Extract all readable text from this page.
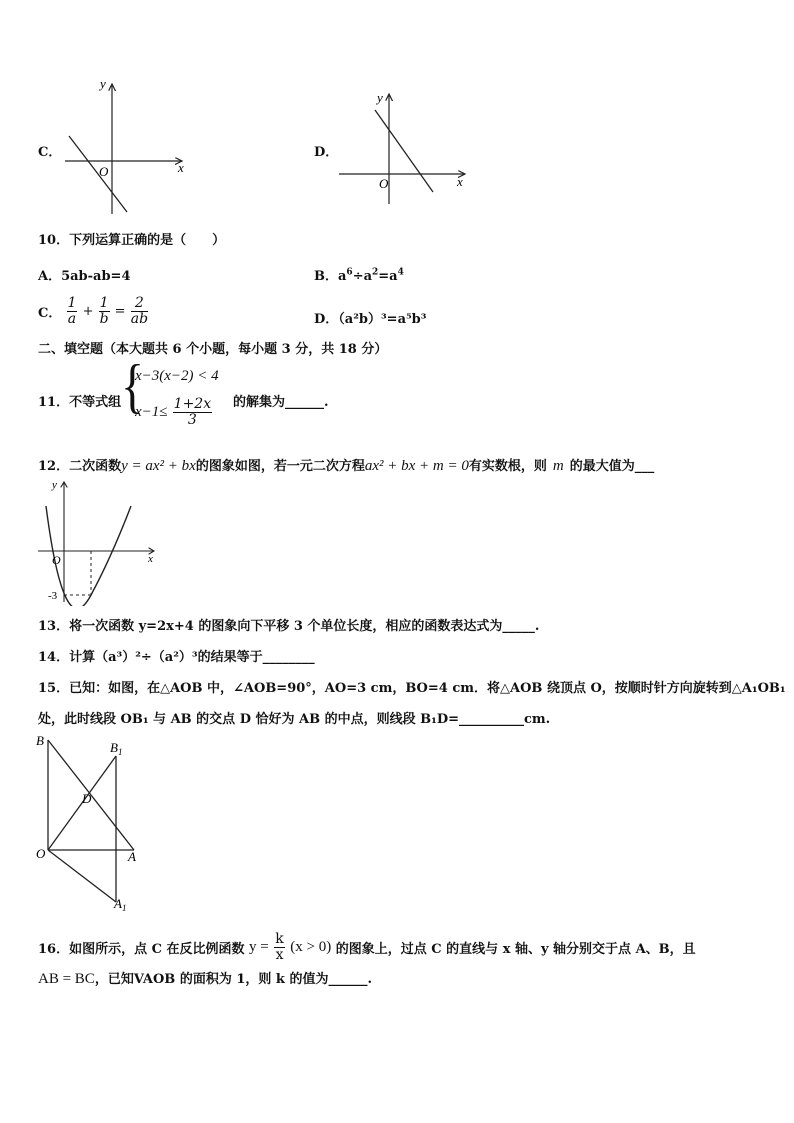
C．
y
x
O
D．
y
x
O
10．下列运算正确的是（　　）
A．5ab-ab=4	B．$a^6\div a^2=a^4$
C． $\frac{1}{a} + \frac{1}{b} = \frac{2}{ab}$	D．（a²b）³=a⁵b³
二、填空题（本大题共 6 个小题，每小题 3 分，共 18 分）
11．不等式组 {
x−3(x−2) < 4
$x-1\le \frac{1+2x}{3}$ 的解集为______.
12．二次函数y = ax² + bx的图象如图，若一元二次方程ax² + bx + m = 0有实数根，则 m 的最大值为___
y
x
O
-3
13．将一次函数 y=2x+4 的图象向下平移 3 个单位长度，相应的函数表达式为_____.
14．计算（a³）²÷（a²）³的结果等于________
15．已知：如图，在△AOB 中，∠AOB=90°，AO=3 cm，BO=4 cm．将△AOB 绕顶点 O，按顺时针方向旋转到△A₁OB₁
处，此时线段 OB₁ 与 AB 的交点 D 恰好为 AB 的中点，则线段 B₁D=__________cm.
B	$B_1$
D
O	A
$A_1$
16．如图所示，点 C 在反比例函数 $y = \frac{k}{x} (x > 0)$ 的图象上，过点 C 的直线与 x 轴、y 轴分别交于点 A、B，且
AB = BC，已知VAOB 的面积为 1，则 k 的值为______.
